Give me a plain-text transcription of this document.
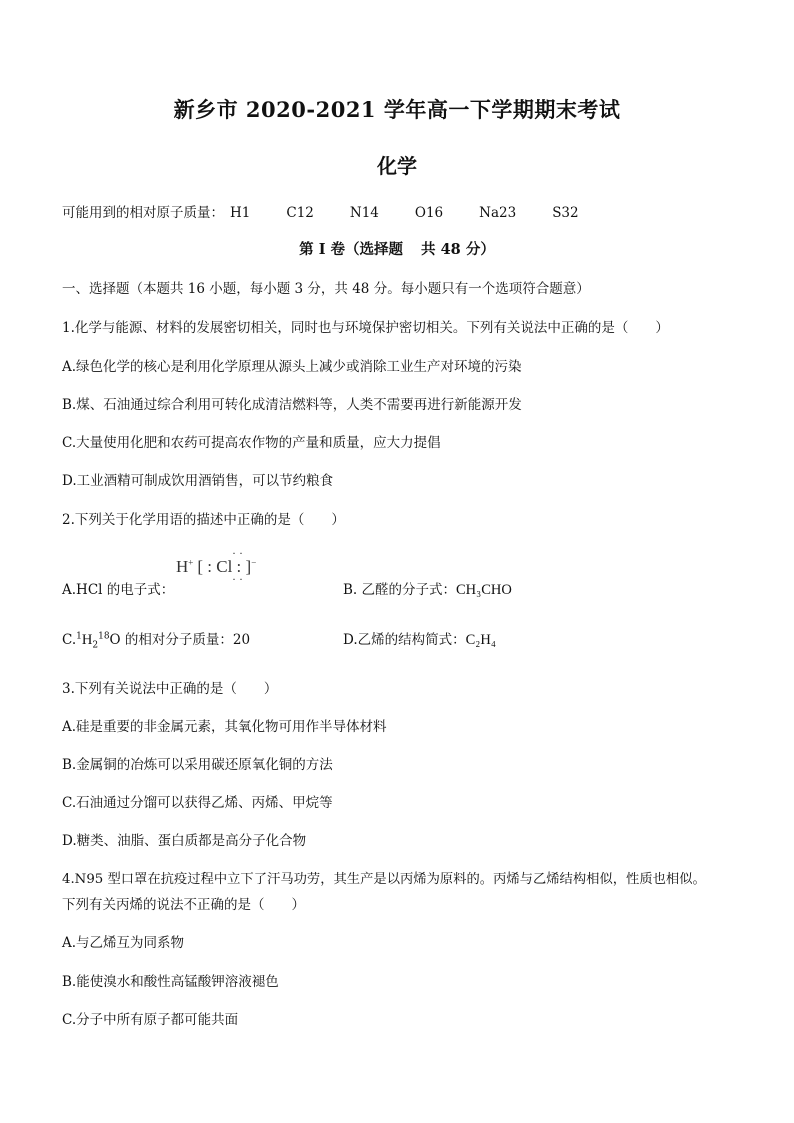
新乡市 2020-2021 学年高一下学期期末考试
化学
可能用到的相对原子质量： H1	C12	N14	O16	Na23	S32
第 I 卷（选择题 共 48 分）
一、选择题（本题共 16 小题，每小题 3 分，共 48 分。每小题只有一个选项符合题意）
1.化学与能源、材料的发展密切相关，同时也与环境保护密切相关。下列有关说法中正确的是（　　）
A.绿色化学的核心是利用化学原理从源头上减少或消除工业生产对环境的污染
B.煤、石油通过综合利用可转化成清洁燃料等，人类不需要再进行新能源开发
C.大量使用化肥和农药可提高农作物的产量和质量，应大力提倡
D.工业酒精可制成饮用酒销售，可以节约粮食
2.下列关于化学用语的描述中正确的是（　　）
A.HCl 的电子式：
H+ [ : Cl : ]−
··
··
B. 乙醛的分子式：CH₃CHO
$C.^1H_2^{18}O$ 的相对分子质量：20	D.乙烯的结构简式：C₂H₄
3.下列有关说法中正确的是（　　）
A.硅是重要的非金属元素，其氧化物可用作半导体材料
B.金属铜的冶炼可以采用碳还原氧化铜的方法
C.石油通过分馏可以获得乙烯、丙烯、甲烷等
D.糖类、油脂、蛋白质都是高分子化合物
4.N95 型口罩在抗疫过程中立下了汗马功劳，其生产是以丙烯为原料的。丙烯与乙烯结构相似，性质也相似。
下列有关丙烯的说法不正确的是（　　）
A.与乙烯互为同系物
B.能使溴水和酸性高锰酸钾溶液褪色
C.分子中所有原子都可能共面
